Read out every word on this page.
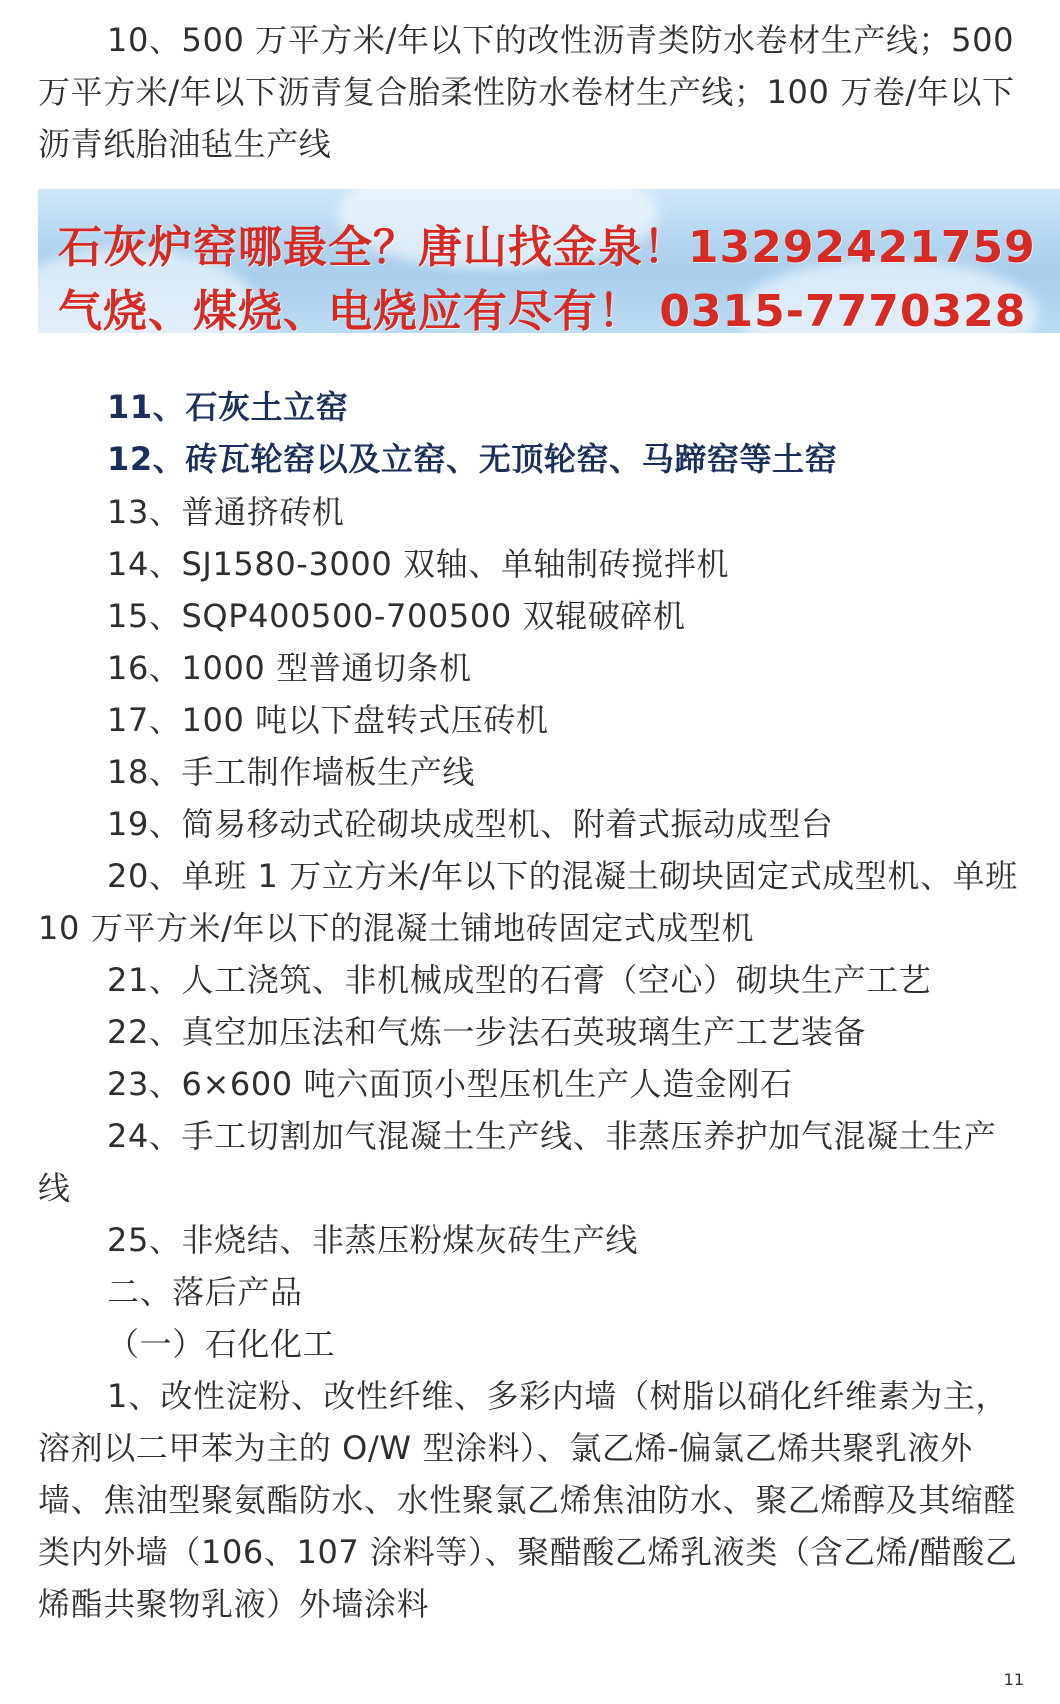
10、500 万平方米/年以下的改性沥青类防水卷材生产线；500 万平方米/年以下沥青复合胎柔性防水卷材生产线；100 万卷/年以下沥青纸胎油毡生产线

石灰炉窑哪最全？唐山找金泉！13292421759
气烧、煤烧、电烧应有尽有！ 0315-7770328

11、石灰土立窑

12、砖瓦轮窑以及立窑、无顶轮窑、马蹄窑等土窑

13、普通挤砖机

14、SJ1580-3000 双轴、单轴制砖搅拌机

15、SQP400500-700500 双辊破碎机

16、1000 型普通切条机

17、100 吨以下盘转式压砖机

18、手工制作墙板生产线

19、简易移动式砼砌块成型机、附着式振动成型台

20、单班 1 万立方米/年以下的混凝土砌块固定式成型机、单班 10 万平方米/年以下的混凝土铺地砖固定式成型机

21、人工浇筑、非机械成型的石膏（空心）砌块生产工艺

22、真空加压法和气炼一步法石英玻璃生产工艺装备

23、6×600 吨六面顶小型压机生产人造金刚石

24、手工切割加气混凝土生产线、非蒸压养护加气混凝土生产线

25、非烧结、非蒸压粉煤灰砖生产线

二、落后产品

（一）石化化工

1、改性淀粉、改性纤维、多彩内墙（树脂以硝化纤维素为主，溶剂以二甲苯为主的 O/W 型涂料）、氯乙烯-偏氯乙烯共聚乳液外墙、焦油型聚氨酯防水、水性聚氯乙烯焦油防水、聚乙烯醇及其缩醛类内外墙（106、107 涂料等）、聚醋酸乙烯乳液类（含乙烯/醋酸乙烯酯共聚物乳液）外墙涂料

11
